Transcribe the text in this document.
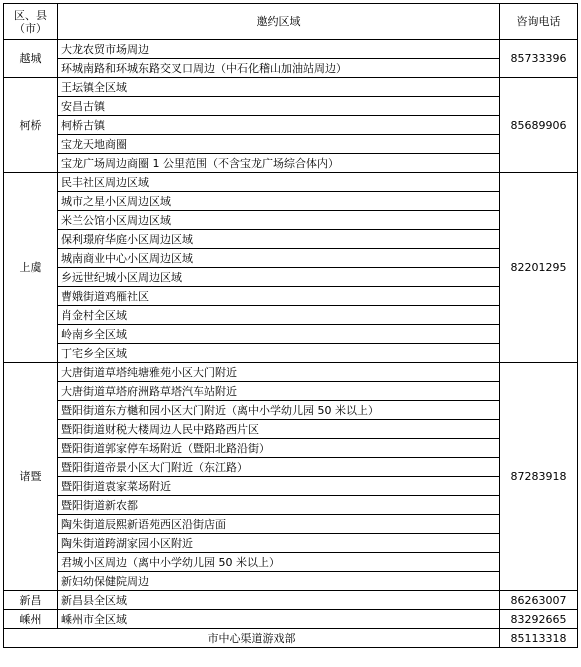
区、县
（市）	邀约区域	咨询电话
越城	大龙农贸市场周边	85733396
	环城南路和环城东路交叉口周边（中石化稽山加油站周边）	
柯桥	王坛镇全区域	85689906
	安昌古镇	
	柯桥古镇	
	宝龙天地商圈	
	宝龙广场周边商圈 1 公里范围（不含宝龙广场综合体内）	
上虞	民丰社区周边区域	82201295
	城市之星小区周边区域	
	米兰公馆小区周边区域	
	保利璟府华庭小区周边区域	
	城南商业中心小区周边区域	
	乡远世纪城小区周边区域	
	曹娥街道鸡雁社区	
	肖金村全区域	
	岭南乡全区域	
	丁宅乡全区域	
诸暨	大唐街道草塔纯塘雅苑小区大门附近	87283918
	大唐街道草塔府洲路草塔汽车站附近	
	暨阳街道东方樾和园小区大门附近（离中小学幼儿园 50 米以上）	
	暨阳街道财税大楼周边人民中路路西片区	
	暨阳街道郭家停车场附近（暨阳北路沿街）	
	暨阳街道帝景小区大门附近（东江路）	
	暨阳街道袁家菜场附近	
	暨阳街道新农都	
	陶朱街道辰熙新语苑西区沿街店面	
	陶朱街道跨湖家园小区附近	
	君城小区周边（离中小学幼儿园 50 米以上）	
	新妇幼保健院周边	
新昌	新昌县全区域	86263007
嵊州	嵊州市全区域	83292665
市中心渠道游戏部		85113318
